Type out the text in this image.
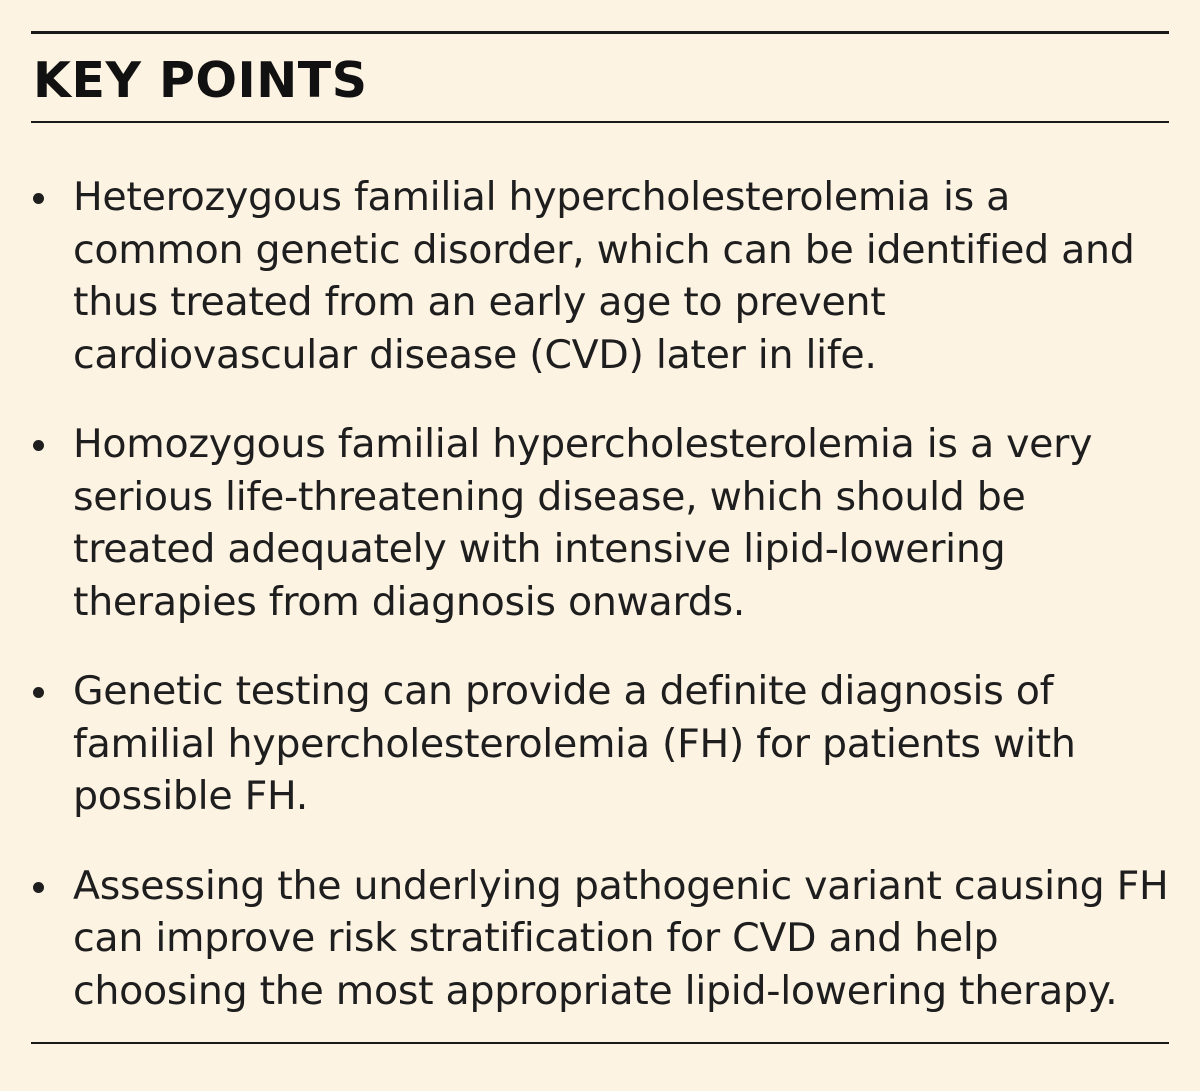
KEY POINTS
Heterozygous familial hypercholesterolemia is a common genetic disorder, which can be identified and thus treated from an early age to prevent cardiovascular disease (CVD) later in life.
Homozygous familial hypercholesterolemia is a very serious life-threatening disease, which should be treated adequately with intensive lipid-lowering therapies from diagnosis onwards.
Genetic testing can provide a definite diagnosis of familial hypercholesterolemia (FH) for patients with possible FH.
Assessing the underlying pathogenic variant causing FH can improve risk stratification for CVD and help choosing the most appropriate lipid-lowering therapy.
